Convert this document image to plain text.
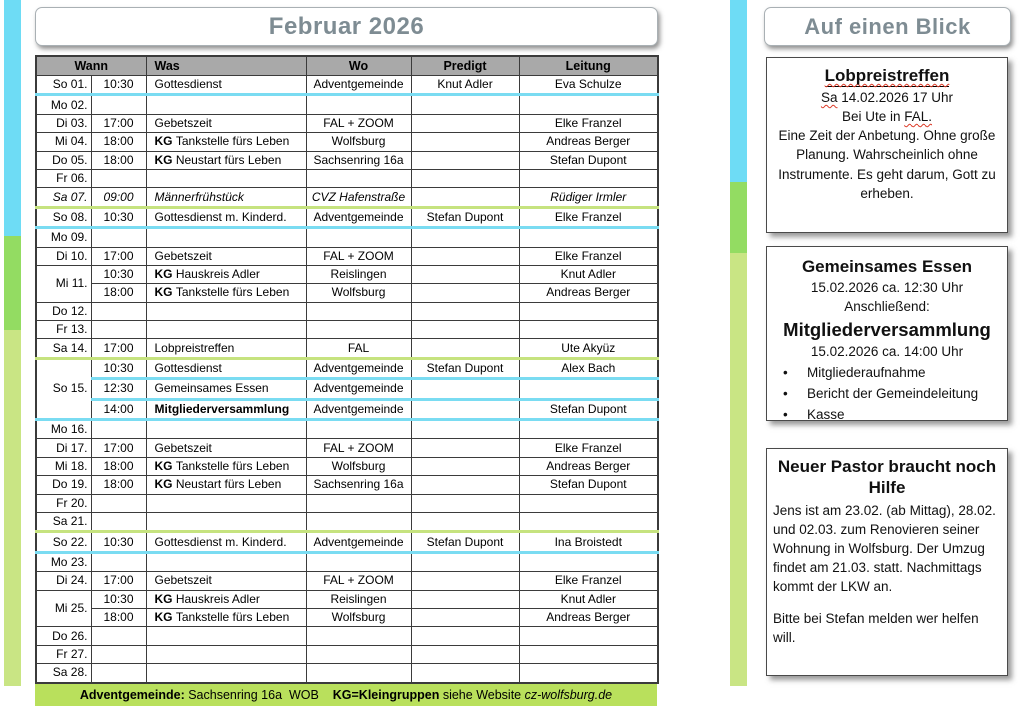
Februar 2026
Wann		Was	Wo	Predigt	Leitung
So 01.	10:30	Gottesdienst	Adventgemeinde	Knut Adler	Eva Schulze
Mo 02.					
Di 03.	17:00	Gebetszeit	FAL + ZOOM		Elke Franzel
Mi 04.	18:00	KG Tankstelle fürs Leben	Wolfsburg		Andreas Berger
Do 05.	18:00	KG Neustart fürs Leben	Sachsenring 16a		Stefan Dupont
Fr 06.					
Sa 07.	09:00	Männerfrühstück	CVZ Hafenstraße		Rüdiger Irmler
So 08.	10:30	Gottesdienst m. Kinderd.	Adventgemeinde	Stefan Dupont	Elke Franzel
Mo 09.					
Di 10.	17:00	Gebetszeit	FAL + ZOOM		Elke Franzel
Mi 11.	10:30	KG Hauskreis Adler	Reislingen		Knut Adler
	18:00	KG Tankstelle fürs Leben	Wolfsburg		Andreas Berger
Do 12.					
Fr 13.					
Sa 14.	17:00	Lobpreistreffen	FAL		Ute Akyüz
So 15.	10:30	Gottesdienst	Adventgemeinde	Stefan Dupont	Alex Bach
	12:30	Gemeinsames Essen	Adventgemeinde		
	14:00	Mitgliederversammlung	Adventgemeinde		Stefan Dupont
Mo 16.					
Di 17.	17:00	Gebetszeit	FAL + ZOOM		Elke Franzel
Mi 18.	18:00	KG Tankstelle fürs Leben	Wolfsburg		Andreas Berger
Do 19.	18:00	KG Neustart fürs Leben	Sachsenring 16a		Stefan Dupont
Fr 20.					
Sa 21.					
So 22.	10:30	Gottesdienst m. Kinderd.	Adventgemeinde	Stefan Dupont	Ina Broistedt
Mo 23.					
Di 24.	17:00	Gebetszeit	FAL + ZOOM		Elke Franzel
Mi 25.	10:30	KG Hauskreis Adler	Reislingen		Knut Adler
	18:00	KG Tankstelle fürs Leben	Wolfsburg		Andreas Berger
Do 26.					
Fr 27.					
Sa 28.					
Adventgemeinde: Sachsenring 16a  WOB    KG=Kleingruppen siehe Website cz-wolfsburg.de
Auf einen Blick
Lobpreistreffen
Sa 14.02.2026 17 Uhr
Bei Ute in FAL.
Eine Zeit der Anbetung. Ohne große Planung. Wahrscheinlich ohne Instrumente. Es geht darum, Gott zu erheben.
Gemeinsames Essen
15.02.2026 ca. 12:30 Uhr
Anschließend:
Mitgliederversammlung
15.02.2026 ca. 14:00 Uhr
• Mitgliederaufnahme
• Bericht der Gemeindeleitung
• Kasse
Neuer Pastor braucht noch Hilfe
Jens ist am 23.02. (ab Mittag), 28.02. und 02.03. zum Renovieren seiner Wohnung in Wolfsburg. Der Umzug findet am 21.03. statt. Nachmittags kommt der LKW an.
Bitte bei Stefan melden wer helfen will.
